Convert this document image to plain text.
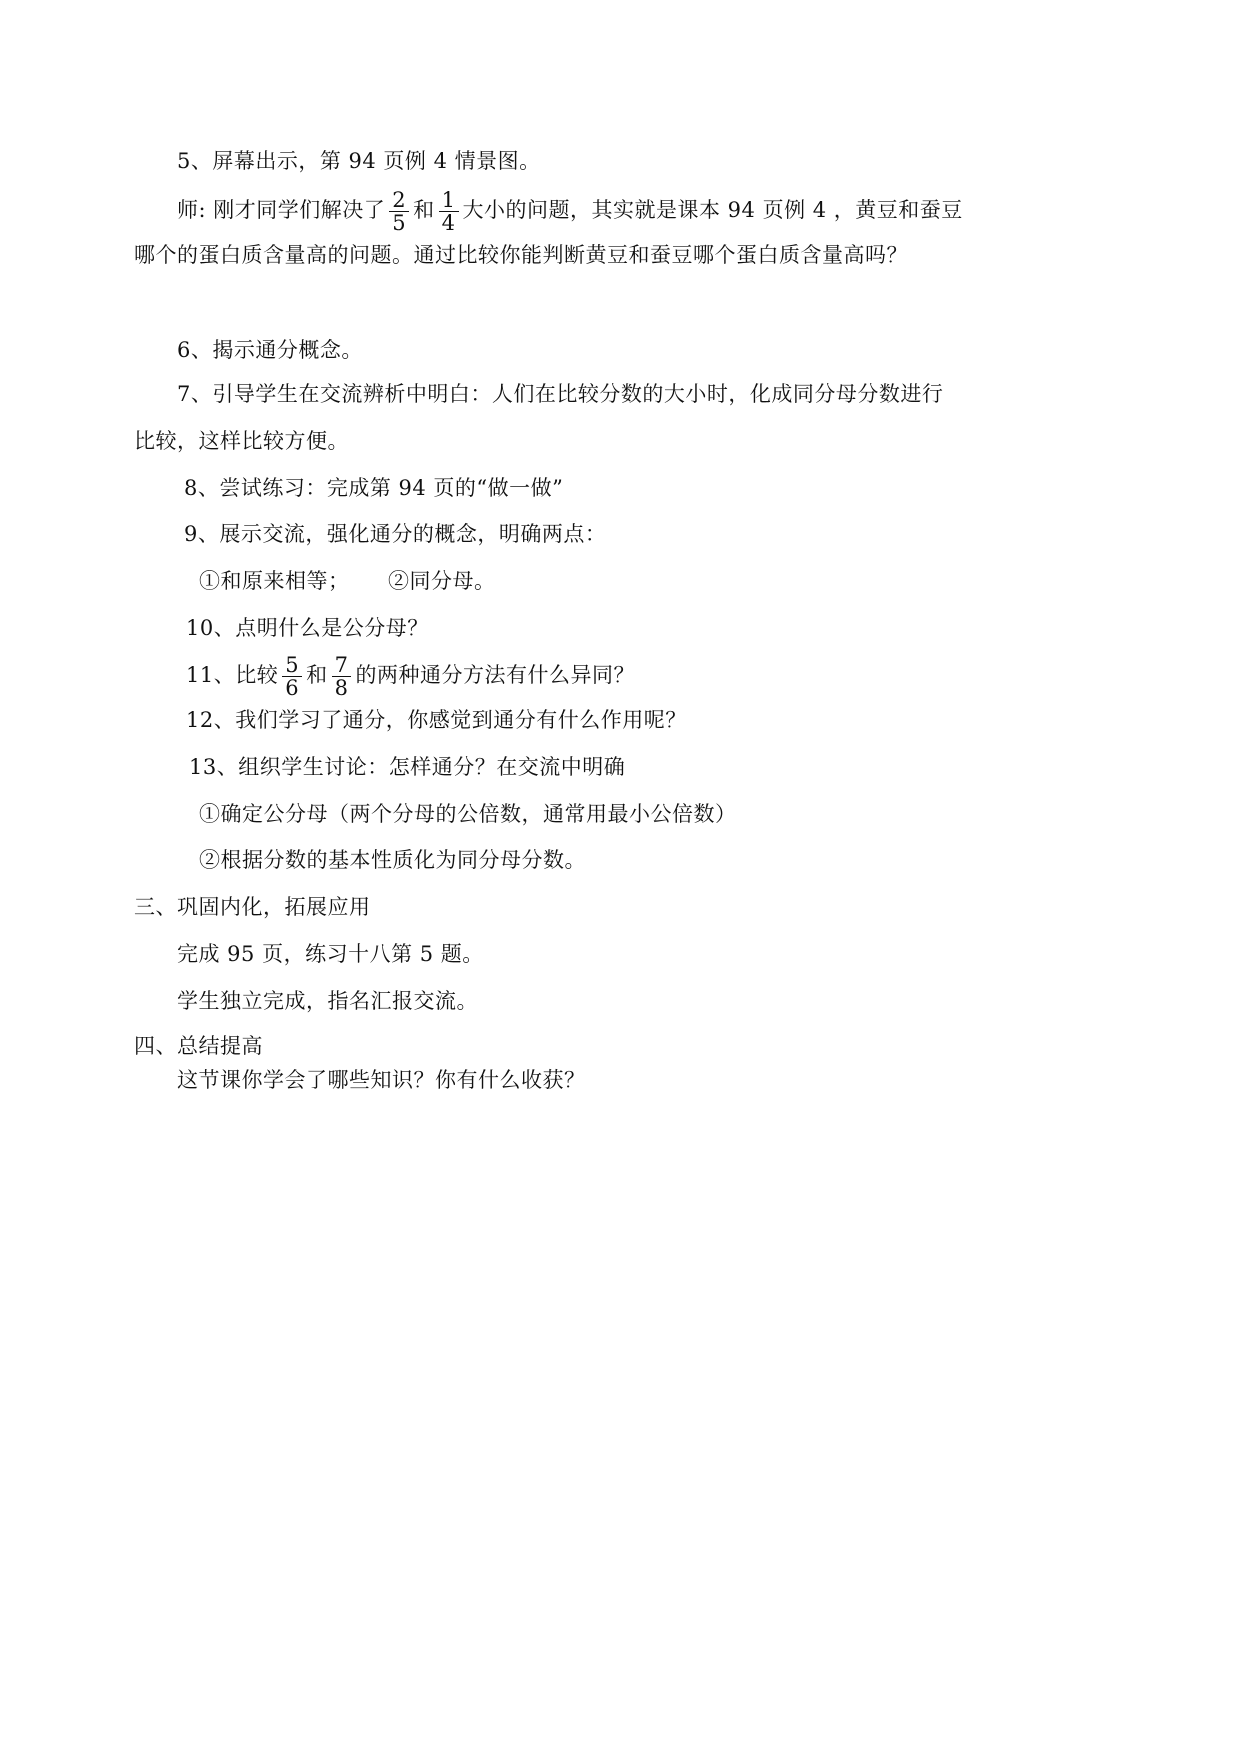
5、屏幕出示，第 94 页例 4 情景图。
师: 刚才同学们解决了 $\frac{2}{5}$ 和 $\frac{1}{4}$ 大小的问题，其实就是课本 94 页例 4 ，黄豆和蚕豆
哪个的蛋白质含量高的问题。通过比较你能判断黄豆和蚕豆哪个蛋白质含量高吗？
6、揭示通分概念。
7、引导学生在交流辨析中明白：人们在比较分数的大小时，化成同分母分数进行
比较，这样比较方便。
8、尝试练习：完成第 94 页的“做一做”
9、展示交流，强化通分的概念，明确两点：
①和原来相等； ②同分母。
10、点明什么是公分母？
11、比较 $\frac{5}{6}$ 和 $\frac{7}{8}$ 的两种通分方法有什么异同？
12、我们学习了通分，你感觉到通分有什么作用呢？
13、组织学生讨论：怎样通分？在交流中明确
①确定公分母（两个分母的公倍数，通常用最小公倍数）
②根据分数的基本性质化为同分母分数。
三、巩固内化，拓展应用
完成 95 页，练习十八第 5 题。
学生独立完成，指名汇报交流。
四、总结提高
这节课你学会了哪些知识？你有什么收获？
